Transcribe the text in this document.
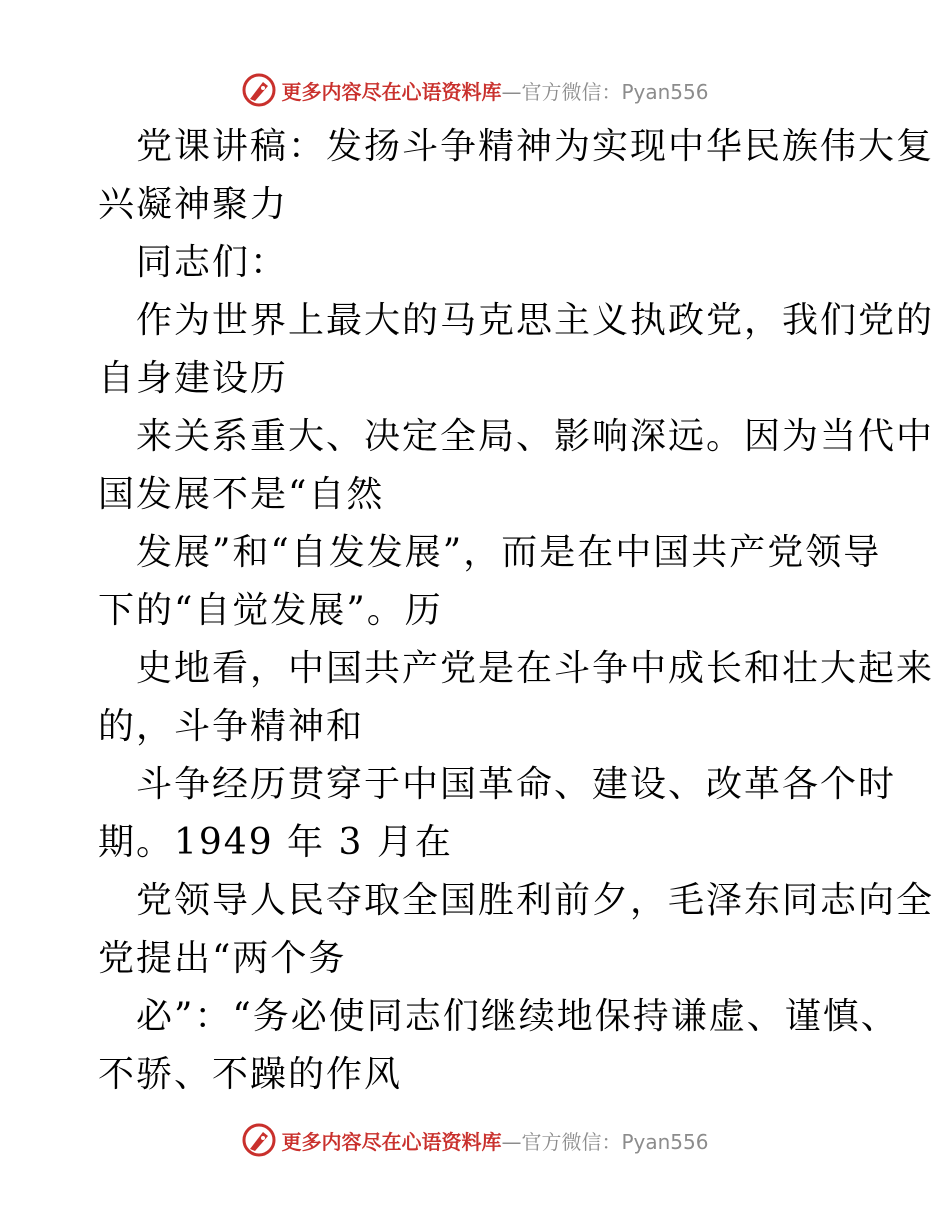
更多内容尽在心语资料库 —官方微信：Pyan556

党课讲稿：发扬斗争精神为实现中华民族伟大复
兴凝神聚力

同志们：

作为世界上最大的马克思主义执政党，我们党的
自身建设历

来关系重大、决定全局、影响深远。因为当代中
国发展不是“自然

发展”和“自发发展”，而是在中国共产党领导
下的“自觉发展”。历

史地看，中国共产党是在斗争中成长和壮大起来
的，斗争精神和

斗争经历贯穿于中国革命、建设、改革各个时
期。1949 年 3 月在

党领导人民夺取全国胜利前夕，毛泽东同志向全
党提出“两个务

必”：“务必使同志们继续地保持谦虚、谨慎、
不骄、不躁的作风

更多内容尽在心语资料库 —官方微信：Pyan556
